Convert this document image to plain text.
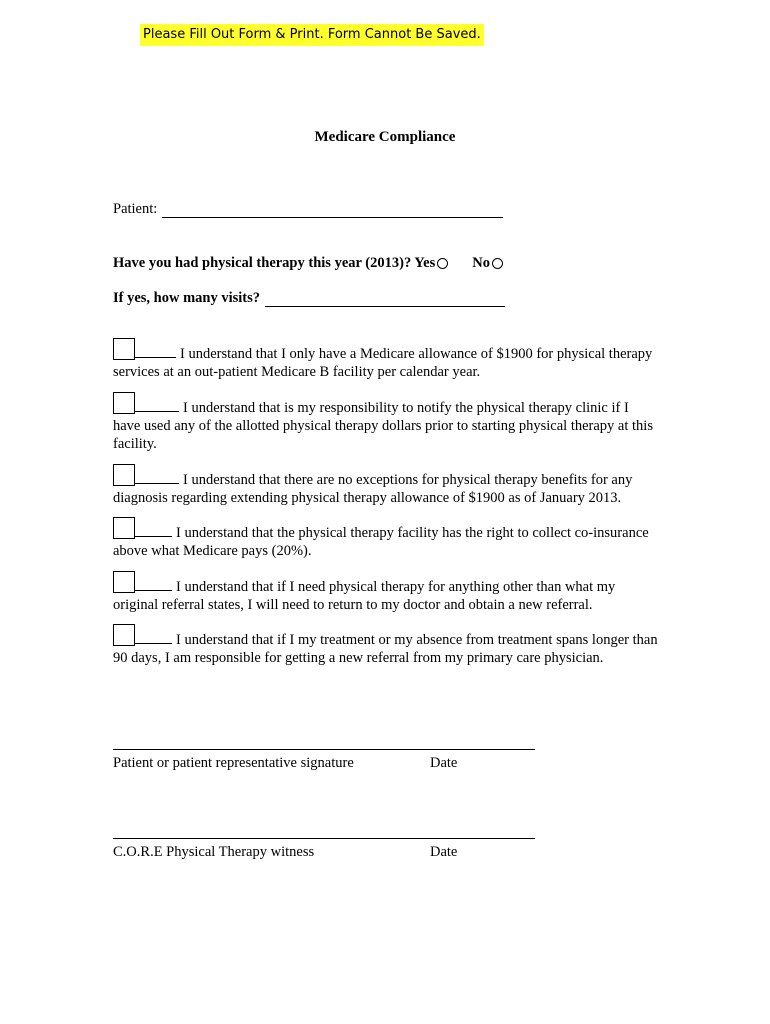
Please Fill Out Form & Print. Form Cannot Be Saved.
Medicare Compliance
Patient:
Have you had physical therapy this year (2013)? Yes	No
If yes, how many visits?
I understand that I only have a Medicare allowance of $1900 for physical therapy services at an out-patient Medicare B facility per calendar year.
I understand that is my responsibility to notify the physical therapy clinic if I have used any of the allotted physical therapy dollars prior to starting physical therapy at this facility.
I understand that there are no exceptions for physical therapy benefits for any diagnosis regarding extending physical therapy allowance of $1900 as of January 2013.
I understand that the physical therapy facility has the right to collect co-insurance above what Medicare pays (20%).
I understand that if I need physical therapy for anything other than what my original referral states, I will need to return to my doctor and obtain a new referral.
I understand that if I my treatment or my absence from treatment spans longer than 90 days, I am responsible for getting a new referral from my primary care physician.
Patient or patient representative signature	Date
C.O.R.E Physical Therapy witness	Date
